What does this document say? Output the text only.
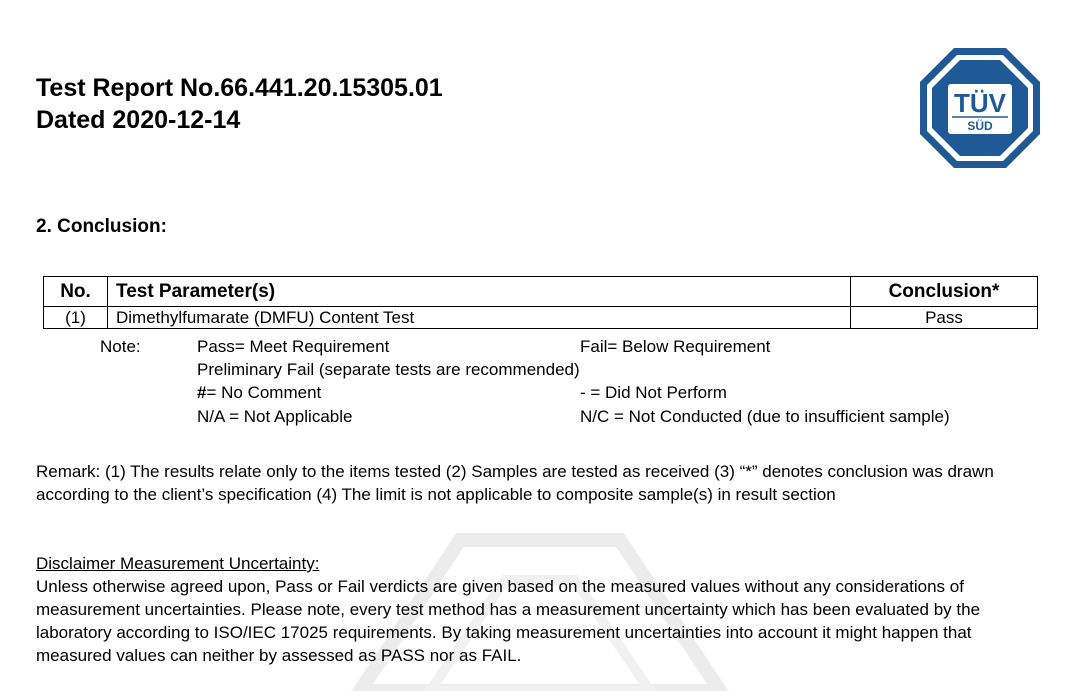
Test Report No.66.441.20.15305.01
Dated 2020-12-14
TÜV
SÜD
2. Conclusion:
No.	Test Parameter(s)	Conclusion*
(1)	Dimethylfumarate (DMFU) Content Test	Pass
Note:	Pass= Meet Requirement	Fail= Below Requirement
Preliminary Fail (separate tests are recommended)
#= No Comment	- = Did Not Perform
N/A = Not Applicable	N/C = Not Conducted (due to insufficient sample)

Remark: (1) The results relate only to the items tested (2) Samples are tested as received (3) “*” denotes conclusion was drawn according to the client’s specification (4) The limit is not applicable to composite sample(s) in result section

Disclaimer Measurement Uncertainty:

Unless otherwise agreed upon, Pass or Fail verdicts are given based on the measured values without any considerations of measurement uncertainties. Please note, every test method has a measurement uncertainty which has been evaluated by the laboratory according to ISO/IEC 17025 requirements. By taking measurement uncertainties into account it might happen that measured values can neither by assessed as PASS nor as FAIL.
